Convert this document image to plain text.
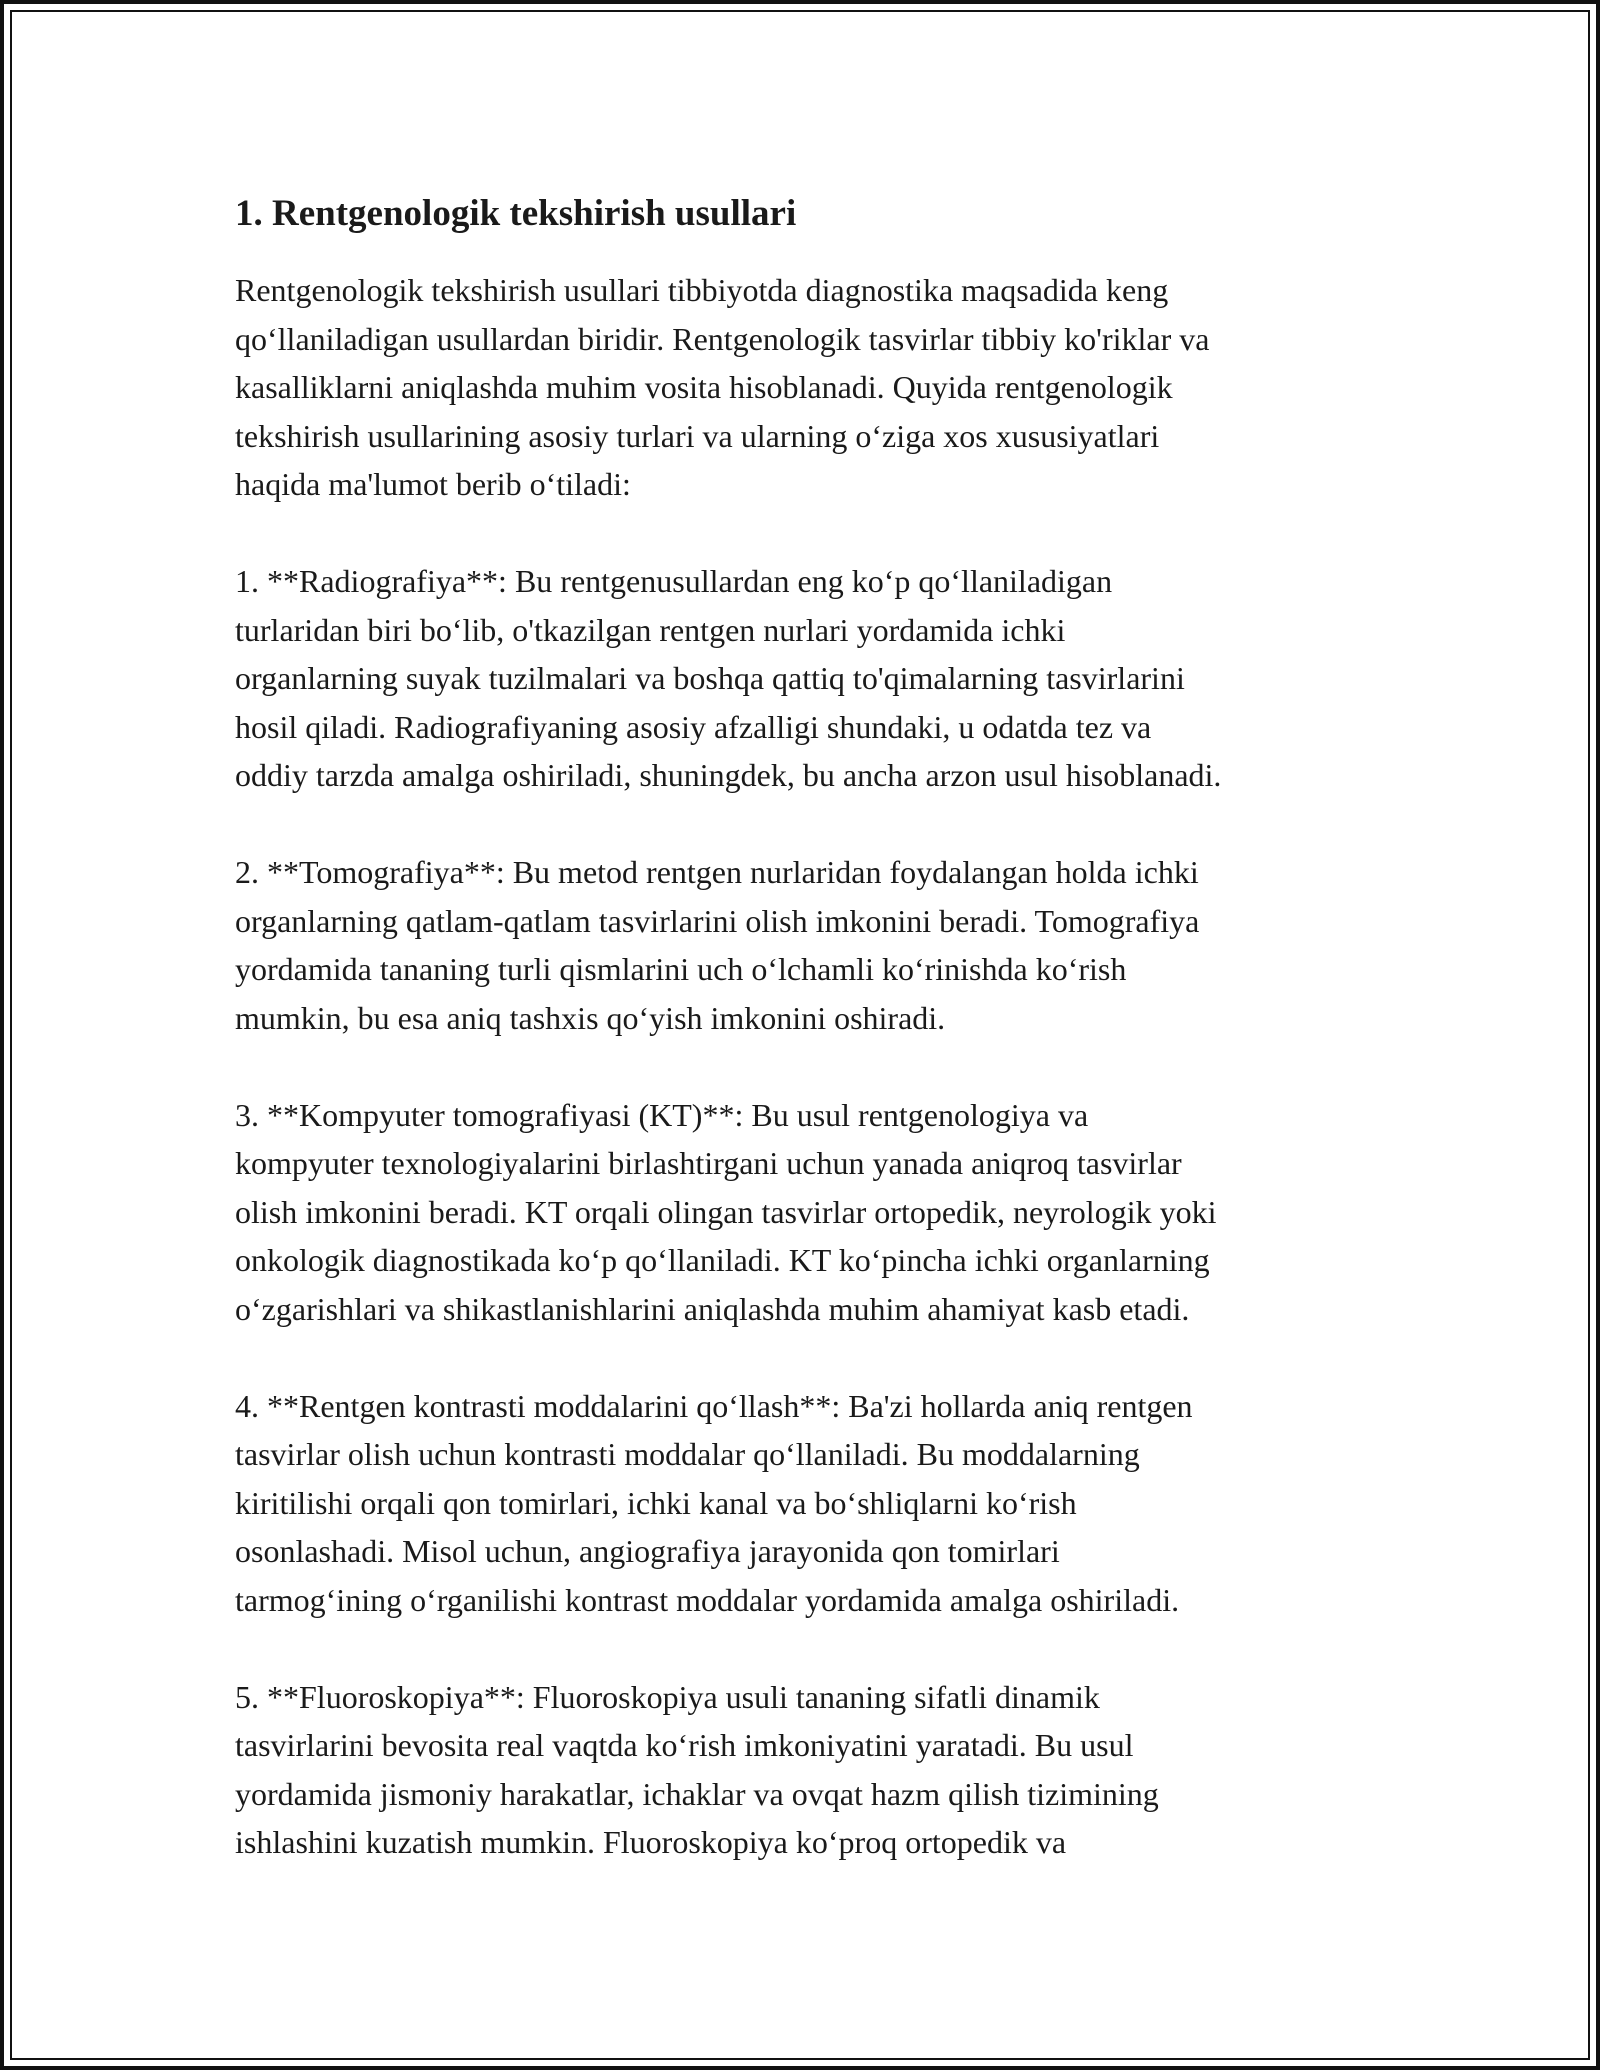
1. Rentgenologik tekshirish usullari

Rentgenologik tekshirish usullari tibbiyotda diagnostika maqsadida keng
qo‘llaniladigan usullardan biridir. Rentgenologik tasvirlar tibbiy ko'riklar va
kasalliklarni aniqlashda muhim vosita hisoblanadi. Quyida rentgenologik
tekshirish usullarining asosiy turlari va ularning o‘ziga xos xususiyatlari
haqida ma'lumot berib o‘tiladi:

1. **Radiografiya**: Bu rentgenusullardan eng ko‘p qo‘llaniladigan
turlaridan biri bo‘lib, o'tkazilgan rentgen nurlari yordamida ichki
organlarning suyak tuzilmalari va boshqa qattiq to'qimalarning tasvirlarini
hosil qiladi. Radiografiyaning asosiy afzalligi shundaki, u odatda tez va
oddiy tarzda amalga oshiriladi, shuningdek, bu ancha arzon usul hisoblanadi.

2. **Tomografiya**: Bu metod rentgen nurlaridan foydalangan holda ichki
organlarning qatlam-qatlam tasvirlarini olish imkonini beradi. Tomografiya
yordamida tananing turli qismlarini uch o‘lchamli ko‘rinishda ko‘rish
mumkin, bu esa aniq tashxis qo‘yish imkonini oshiradi.

3. **Kompyuter tomografiyasi (KT)**: Bu usul rentgenologiya va
kompyuter texnologiyalarini birlashtirgani uchun yanada aniqroq tasvirlar
olish imkonini beradi. KT orqali olingan tasvirlar ortopedik, neyrologik yoki
onkologik diagnostikada ko‘p qo‘llaniladi. KT ko‘pincha ichki organlarning
o‘zgarishlari va shikastlanishlarini aniqlashda muhim ahamiyat kasb etadi.

4. **Rentgen kontrasti moddalarini qo‘llash**: Ba'zi hollarda aniq rentgen
tasvirlar olish uchun kontrasti moddalar qo‘llaniladi. Bu moddalarning
kiritilishi orqali qon tomirlari, ichki kanal va bo‘shliqlarni ko‘rish
osonlashadi. Misol uchun, angiografiya jarayonida qon tomirlari
tarmog‘ining o‘rganilishi kontrast moddalar yordamida amalga oshiriladi.

5. **Fluoroskopiya**: Fluoroskopiya usuli tananing sifatli dinamik
tasvirlarini bevosita real vaqtda ko‘rish imkoniyatini yaratadi. Bu usul
yordamida jismoniy harakatlar, ichaklar va ovqat hazm qilish tizimining
ishlashini kuzatish mumkin. Fluoroskopiya ko‘proq ortopedik va
